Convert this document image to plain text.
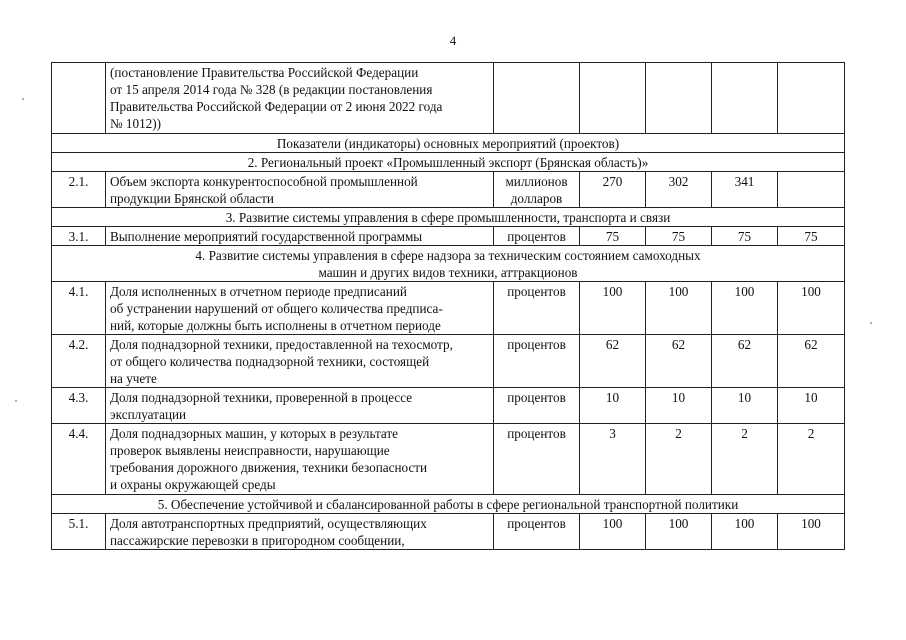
4
	(постановление Правительства Российской Федерации
от 15 апреля 2014 года № 328 (в редакции постановления
Правительства Российской Федерации от 2 июня 2022 года
№ 1012))					
Показатели (индикаторы) основных мероприятий (проектов)						
2. Региональный проект «Промышленный экспорт (Брянская область)»						
2.1.	Объем экспорта конкурентоспособной промышленной
продукции Брянской области	миллионов
долларов	270	302	341	
3. Развитие системы управления в сфере промышленности, транспорта и связи						
3.1.	Выполнение мероприятий государственной программы	процентов	75	75	75	75
4. Развитие системы управления в сфере надзора за техническим состоянием самоходных
машин и других видов техники, аттракционов						
4.1.	Доля исполненных в отчетном периоде предписаний
об устранении нарушений от общего количества предписа-
ний, которые должны быть исполнены в отчетном периоде	процентов	100	100	100	100
4.2.	Доля поднадзорной техники, предоставленной на техосмотр,
от общего количества поднадзорной техники, состоящей
на учете	процентов	62	62	62	62
4.3.	Доля поднадзорной техники, проверенной в процессе
эксплуатации	процентов	10	10	10	10
4.4.	Доля поднадзорных машин, у которых в результате
проверок выявлены неисправности, нарушающие
требования дорожного движения, техники безопасности
и охраны окружающей среды	процентов	3	2	2	2
5. Обеспечение устойчивой и сбалансированной работы в сфере региональной транспортной политики						
5.1.	Доля автотранспортных предприятий, осуществляющих
пассажирские перевозки в пригородном сообщении,	процентов	100	100	100	100
